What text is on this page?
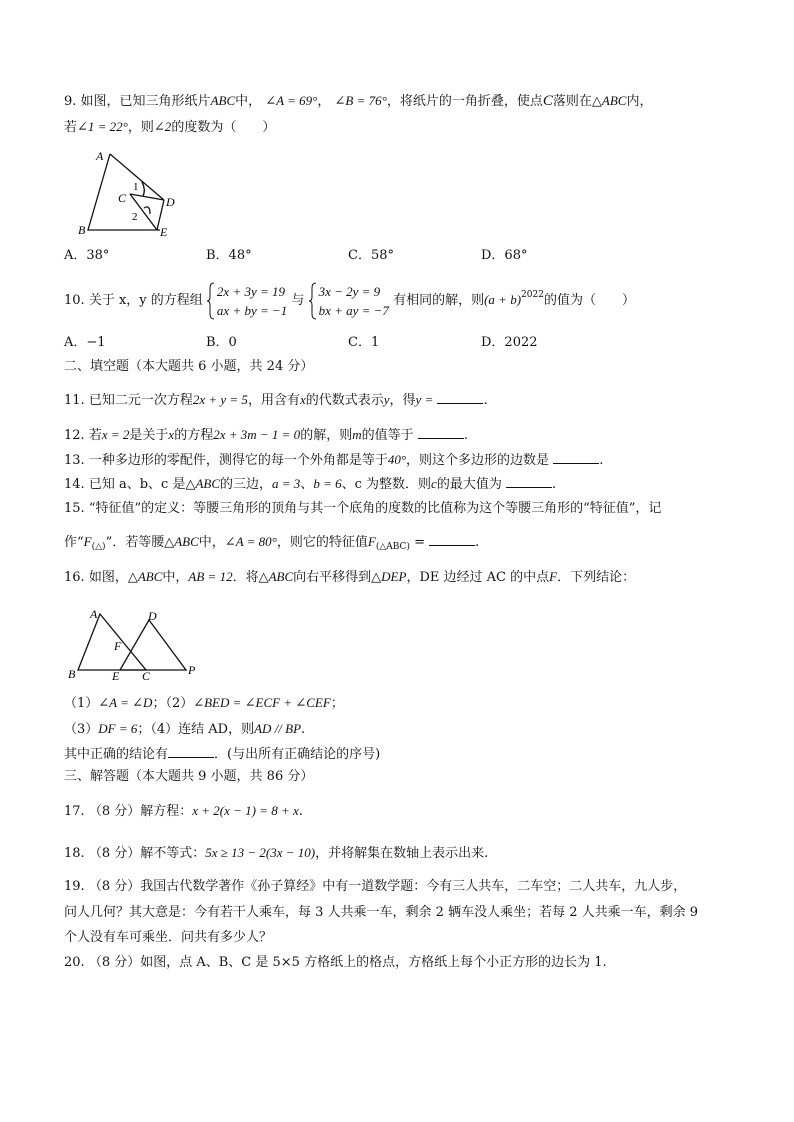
9. 如图，已知三角形纸片ABC中， ∠A = 69°， ∠B = 76°，将纸片的一角折叠，使点C落则在△ABC内，
若∠1 = 22°，则∠2的度数为（　　）
A
B
C	D
E
1
2
A．38°	B．48°	C．58°	D．68°
10. 关于 x，y 的方程组
2x + 3y = 19
ax + by = −1
与
3x − 2y = 9
bx + ay = −7
有相同的解，则$(a + b)^{2022}$的值为（　　）
A．−1	B．0	C．1	D．2022
二、填空题（本大题共 6 小题，共 24 分）
11. 已知二元一次方程2x + y = 5，用含有x的代数式表示y，得y =	.
12. 若x = 2是关于x的方程2x + 3m − 1 = 0的解，则m的值等于	.
13. 一种多边形的零配件，测得它的每一个外角都是等于40°，则这个多边形的边数是	.
14. 已知 a、b、c 是△ABC的三边，a = 3、b = 6、c 为整数．则c的最大值为	.
15. “特征值”的定义：等腰三角形的顶角与其一个底角的度数的比值称为这个等腰三角形的“特征值”，记
作“$F_{(\triangle)}$”．若等腰△ABC中，∠A = 80°，则它的特征值$F_{(\triangle ABC)}$ =	.
16. 如图，△ABC中，AB = 12．将△ABC向右平移得到△DEP，DE 边经过 AC 的中点F．下列结论：
A
B	C
D
E
F
P
（1）∠A = ∠D；（2）∠BED = ∠ECF + ∠CEF；
（3）DF = 6；（4）连结 AD，则AD // BP.
其中正确的结论有	．(与出所有正确结论的序号)
三、解答题（本大题共 9 小题，共 86 分）
17. （8 分）解方程：x + 2(x − 1) = 8 + x.
18. （8 分）解不等式：5x ≥ 13 − 2(3x − 10)，并将解集在数轴上表示出来.
19. （8 分）我国古代数学著作《孙子算经》中有一道数学题：今有三人共车，二车空；二人共车，九人步，
问人几何？其大意是：今有若干人乘车，每 3 人共乘一车，剩余 2 辆车没人乘坐；若每 2 人共乘一车，剩余 9
个人没有车可乘坐．问共有多少人？
20. （8 分）如图，点 A、B、C 是 5×5 方格纸上的格点，方格纸上每个小正方形的边长为 1.
